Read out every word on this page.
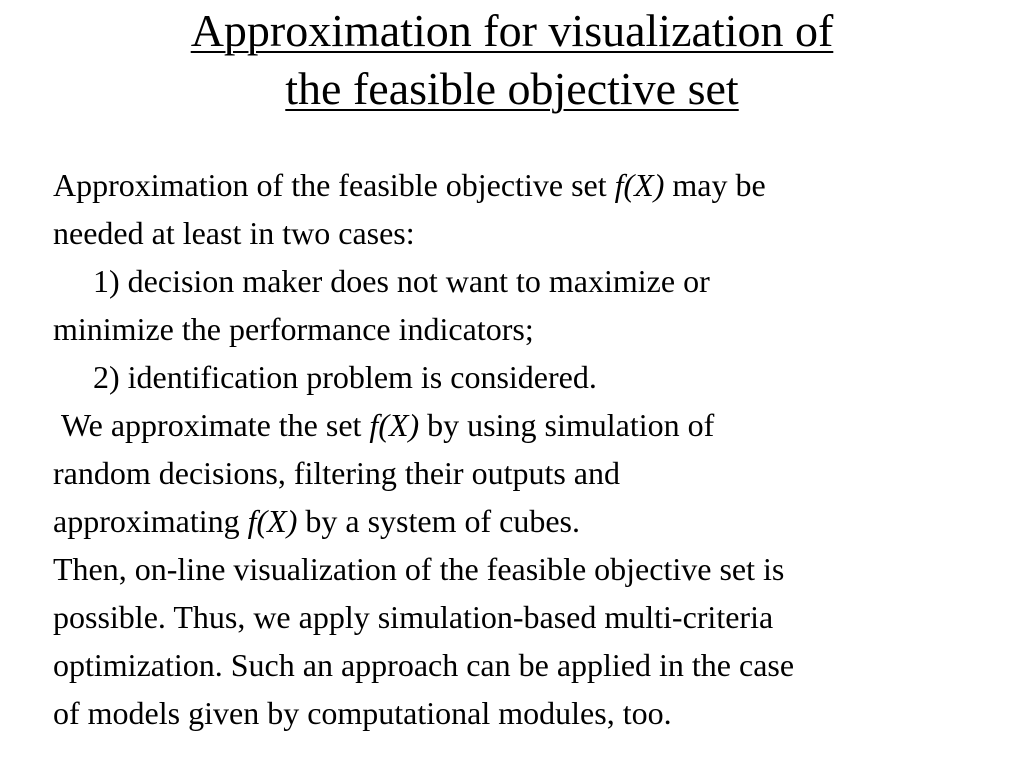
Approximation for visualization of
the feasible objective set
Approximation of the feasible objective set f(X) may be
needed at least in two cases:
1) decision maker does not want to maximize or
minimize the performance indicators;
2) identification problem is considered.
We approximate the set f(X) by using simulation of
random decisions, filtering their outputs and
approximating f(X) by a system of cubes.
Then, on-line visualization of the feasible objective set is
possible. Thus, we apply simulation-based multi-criteria
optimization. Such an approach can be applied in the case
of models given by computational modules, too.
